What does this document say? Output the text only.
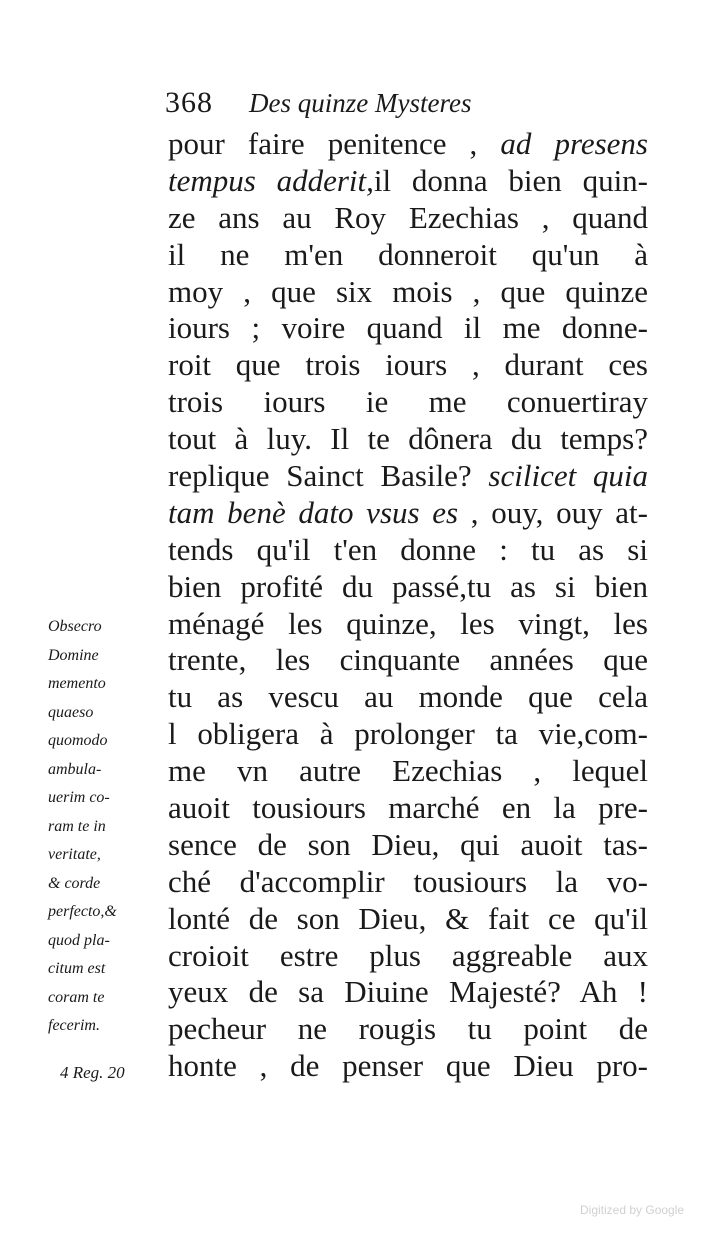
368 Des quinze Mysteres
pour faire penitence , ad presens
tempus adderit,il donna bien quin-
ze ans au Roy Ezechias , quand
il ne m'en donneroit qu'un à
moy , que six mois , que quinze
iours ; voire quand il me donne-
roit que trois iours , durant ces
trois iours ie me conuertiray
tout à luy. Il te dônera du temps?
replique Sainct Basile? scilicet quia
tam benè dato vsus es , ouy, ouy at-
tends qu'il t'en donne : tu as si
bien profité du passé,tu as si bien
ménagé les quinze, les vingt, les
trente, les cinquante années que
tu as vescu au monde que cela
l obligera à prolonger ta vie,com-
me vn autre Ezechias , lequel
auoit tousiours marché en la pre-
sence de son Dieu, qui auoit tas-
ché d'accomplir tousiours la vo-
lonté de son Dieu, & fait ce qu'il
croioit estre plus aggreable aux
yeux de sa Diuine Majesté? Ah !
pecheur ne rougis tu point de
honte , de penser que Dieu pro-
Obsecro
Domine
memento
quaeso
quomodo
ambula-
uerim co-
ram te in
veritate,
& corde
perfecto,&
quod pla-
citum est
coram te
fecerim.
4 Reg. 20
Digitized by Google
